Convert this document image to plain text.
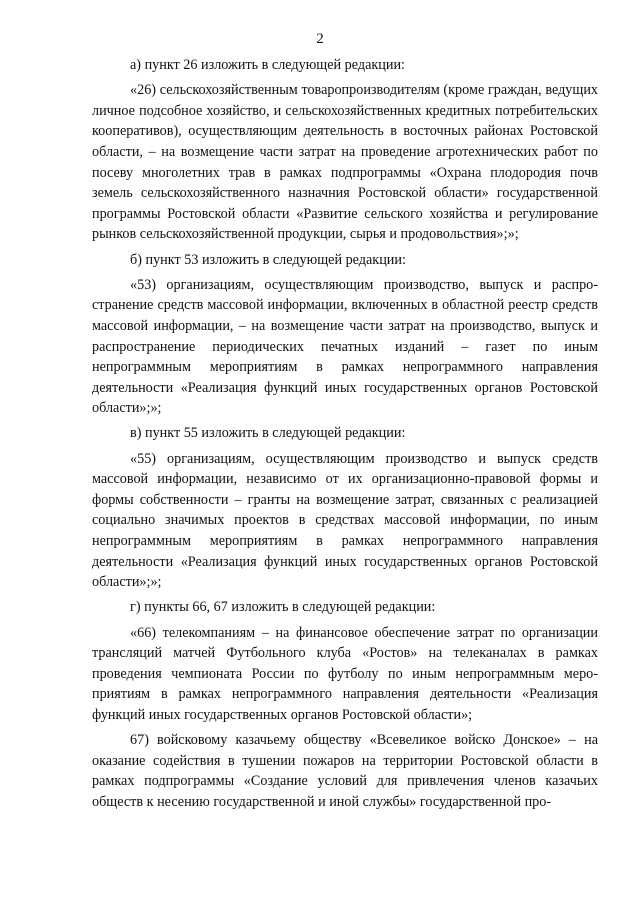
2

а) пункт 26 изложить в следующей редакции:

«26) сельскохозяйственным товаропроизводителям (кроме граждан, ведущих личное подсобное хозяйство, и сельскохозяйственных кредитных потребительских кооперативов), осуществляющим деятельность в восточных районах Ростовской области, – на возмещение части затрат на проведение агротехнических работ по посеву многолетних трав в рамках подпрограммы «Охрана плодородия почв земель сельскохозяйственного назначния Ростовской области» государственной программы Ростовской области «Развитие сельского хозяйства и регулирование рынков сельскохозяйственной продукции, сырья и продовольствия»;»;

б) пункт 53 изложить в следующей редакции:

«53) организациям, осуществляющим производство, выпуск и распространение средств массовой информации, включенных в областной реестр средств массовой информации, – на возмещение части затрат на производство, выпуск и распространение периодических печатных изданий – газет по иным непрограммным мероприятиям в рамках непрограммного направления деятельности «Реализация функций иных государственных органов Ростовской области»;»;

в) пункт 55 изложить в следующей редакции:

«55) организациям, осуществляющим производство и выпуск средств массовой информации, независимо от их организационно-правовой формы и формы собственности – гранты на возмещение затрат, связанных с реализацией социально значимых проектов в средствах массовой информации, по иным непрограммным мероприятиям в рамках непрограммного направления деятельности «Реализация функций иных государственных органов Ростовской области»;»;

г) пункты 66, 67 изложить в следующей редакции:

«66) телекомпаниям – на финансовое обеспечение затрат по организации трансляций матчей Футбольного клуба «Ростов» на телеканалах в рамках проведения чемпионата России по футболу по иным непрограммным мероприятиям в рамках непрограммного направления деятельности «Реализация функций иных государственных органов Ростовской области»;

67) войсковому казачьему обществу «Всевеликое войско Донское» – на оказание содействия в тушении пожаров на территории Ростовской области в рамках подпрограммы «Создание условий для привлечения членов казачьих обществ к несению государственной и иной службы» государственной про-
